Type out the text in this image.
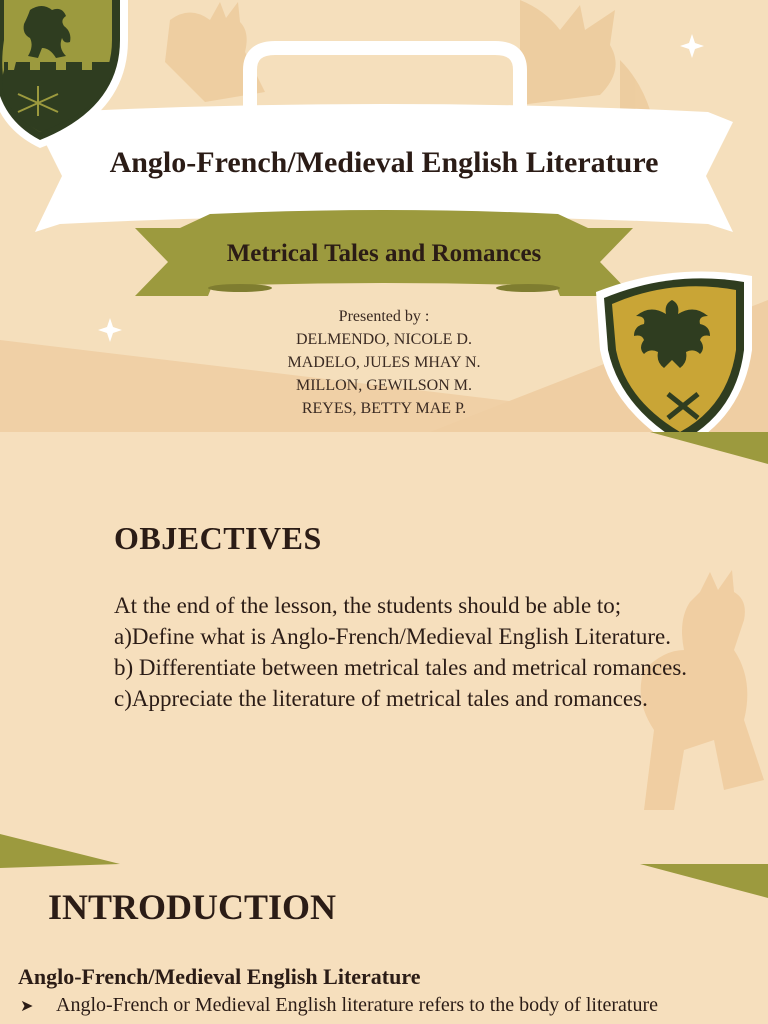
Anglo-French/Medieval English Literature
Metrical Tales and Romances
Presented by :
DELMENDO, NICOLE D.
MADELO, JULES MHAY N.
MILLON, GEWILSON M.
REYES, BETTY MAE P.
OBJECTIVES
At the end of the lesson, the students should be able to;
a)Define what is Anglo-French/Medieval English Literature.
b) Differentiate between metrical tales and metrical romances.
c)Appreciate the literature of metrical tales and romances.
INTRODUCTION
Anglo-French/Medieval English Literature
➤ Anglo-French or Medieval English literature refers to the body of literature
